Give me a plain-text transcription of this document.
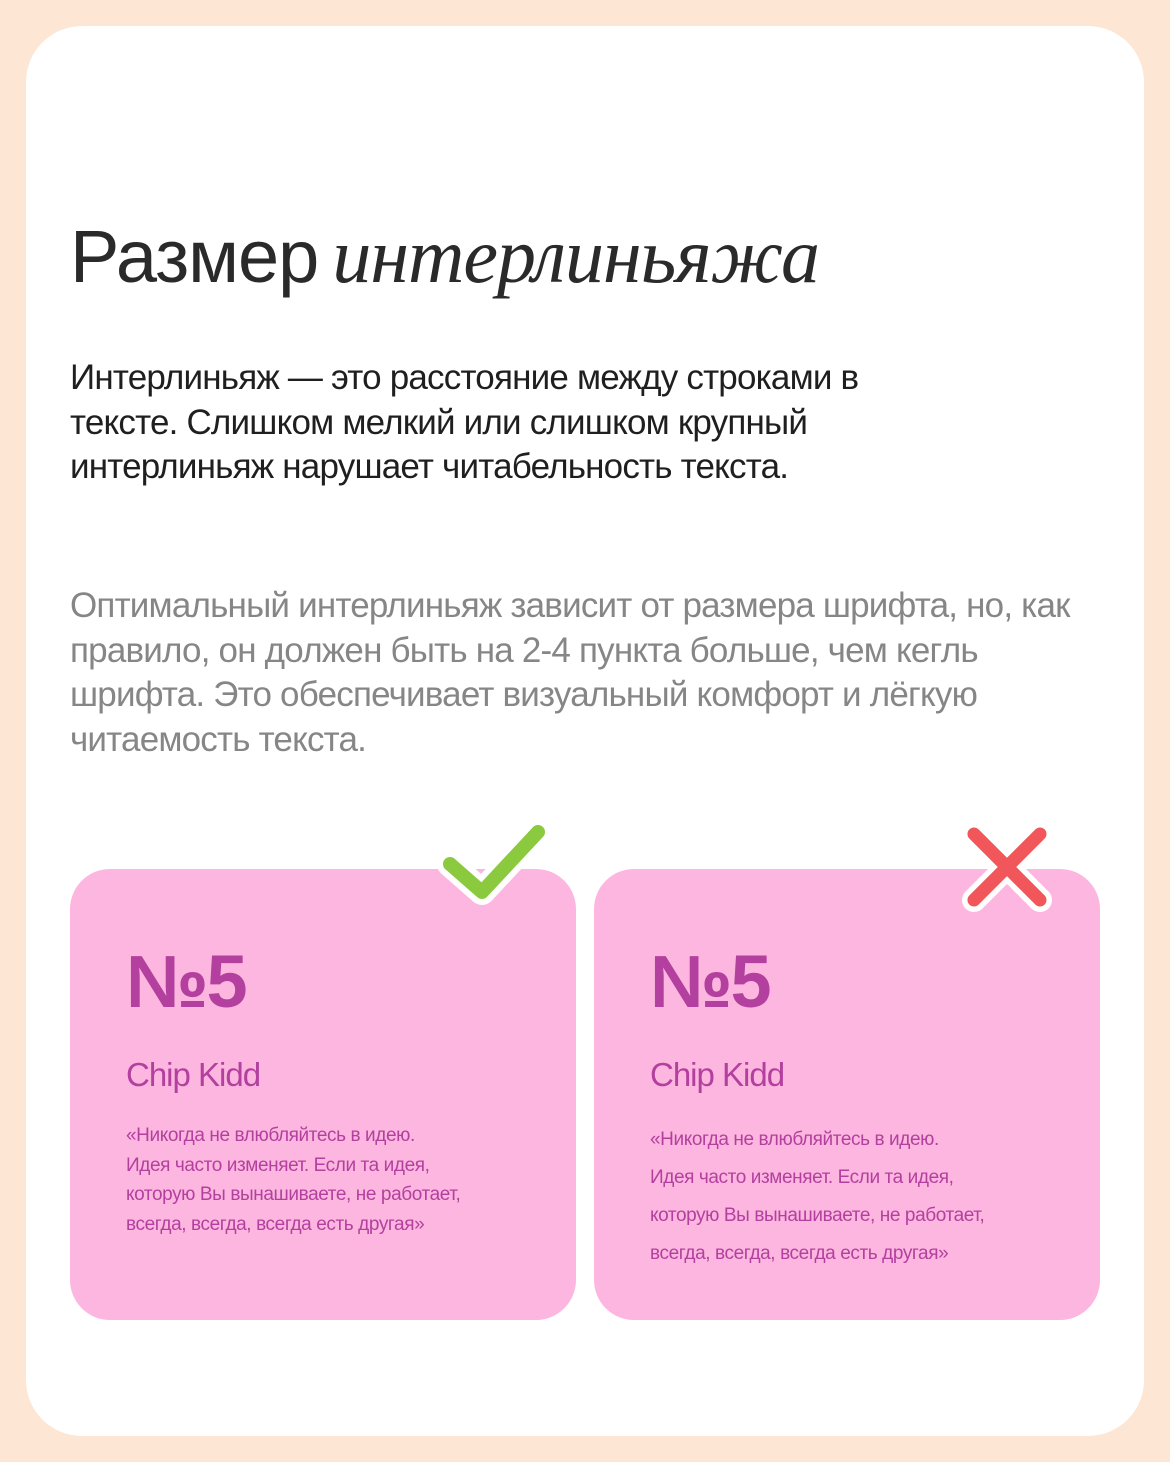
Размер интерлиньяжа

Интерлиньяж — это расстояние между строками в тексте. Слишком мелкий или слишком крупный интерлиньяж нарушает читабельность текста.

Оптимальный интерлиньяж зависит от размера шрифта, но, как правило, он должен быть на 2-4 пункта больше, чем кегль шрифта. Это обеспечивает визуальный комфорт и лёгкую читаемость текста.

№5

Chip Kidd

«Никогда не влюбляйтесь в идею.
Идея часто изменяет. Если та идея,
которую Вы вынашиваете, не работает,
всегда, всегда, всегда есть другая»

№5

Chip Kidd

«Никогда не влюбляйтесь в идею.
Идея часто изменяет. Если та идея,
которую Вы вынашиваете, не работает,
всегда, всегда, всегда есть другая»
